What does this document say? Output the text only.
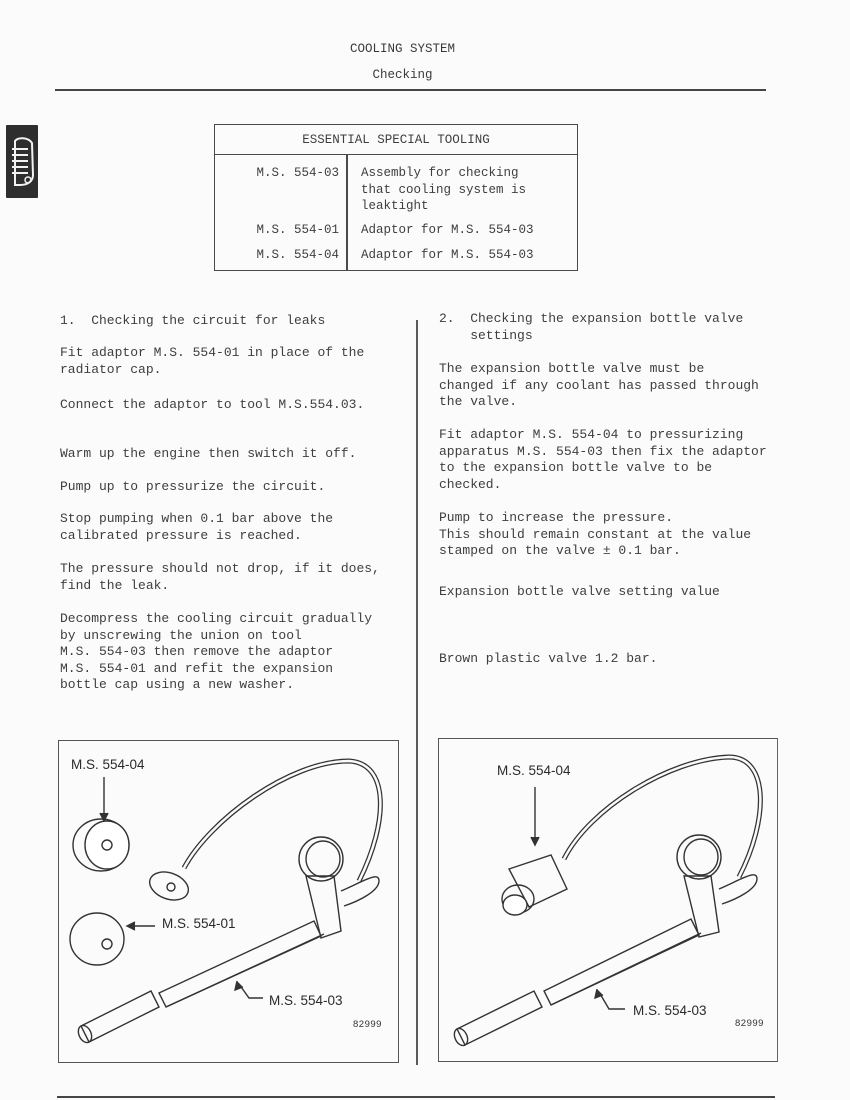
COOLING SYSTEM
Checking
ESSENTIAL SPECIAL TOOLING
M.S. 554-03 Assembly for checking
that cooling system is
leaktight
M.S. 554-01 Adaptor for M.S. 554-03
M.S. 554-04 Adaptor for M.S. 554-03
1.  Checking the circuit for leaks
Fit adaptor M.S. 554-01 in place of the
radiator cap.
Connect the adaptor to tool M.S.554.03.
Warm up the engine then switch it off.
Pump up to pressurize the circuit.
Stop pumping when 0.1 bar above the
calibrated pressure is reached.
The pressure should not drop, if it does,
find the leak.
Decompress the cooling circuit gradually
by unscrewing the union on tool
M.S. 554-03 then remove the adaptor
M.S. 554-01 and refit the expansion
bottle cap using a new washer.
2.  Checking the expansion bottle valve
settings
The expansion bottle valve must be
changed if any coolant has passed through
the valve.
Fit adaptor M.S. 554-04 to pressurizing
apparatus M.S. 554-03 then fix the adaptor
to the expansion bottle valve to be
checked.
Pump to increase the pressure.
This should remain constant at the value
stamped on the valve ± 0.1 bar.
Expansion bottle valve setting value
Brown plastic valve 1.2 bar.
M.S. 554-04
M.S. 554-01
M.S. 554-03
82999
M.S. 554-04
M.S. 554-03
82999
